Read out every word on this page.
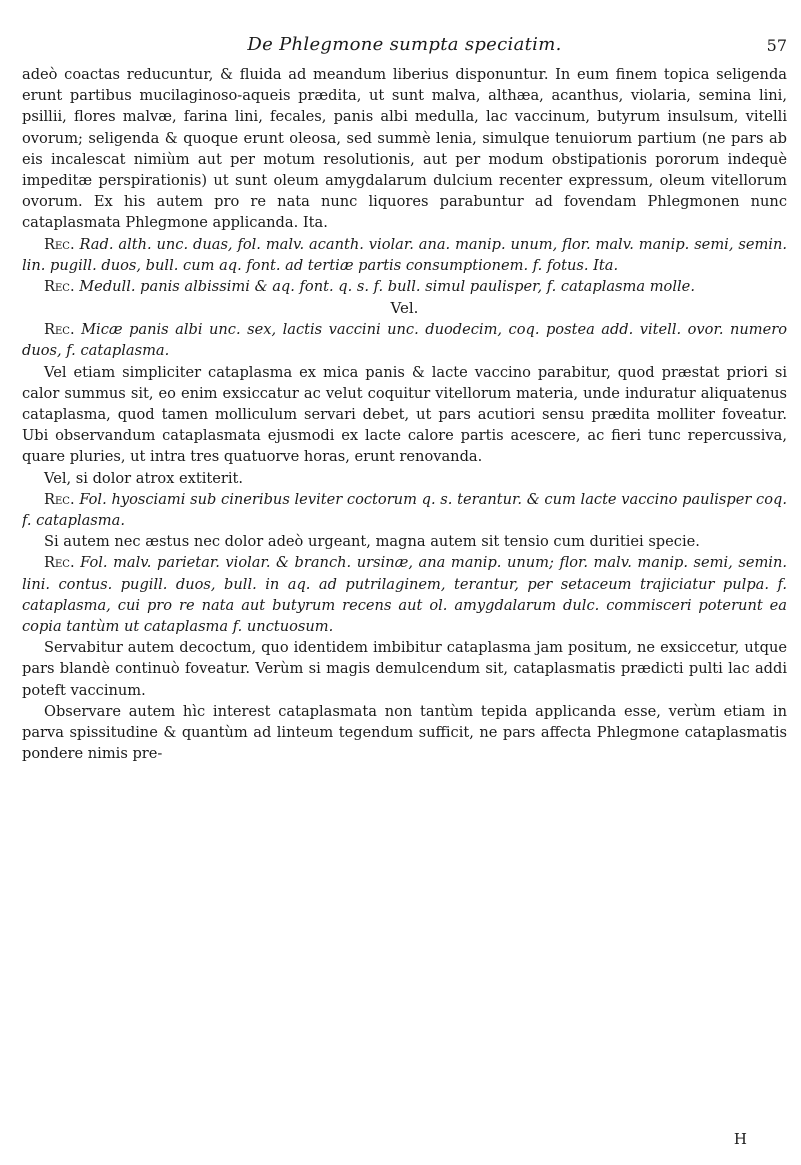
De Phlegmone sumpta speciatim.	57

adeò coactas reducuntur, & fluida ad meandum liberius disponuntur. In eum finem topica seligenda erunt partibus mucilaginoso-aqueis prædita, ut sunt malva, althæa, acanthus, violaria, semina lini, psillii, flores malvæ, farina lini, fecales, panis albi medulla, lac vaccinum, butyrum insulsum, vitelli ovorum; seligenda & quoque erunt oleosa, sed summè lenia, simulque tenuiorum partium (ne pars ab eis incalescat nimiùm aut per motum resolutionis, aut per modum obstipationis pororum indequè impeditæ perspirationis) ut sunt oleum amygdalarum dulcium recenter expressum, oleum vitellorum ovorum. Ex his autem pro re nata nunc liquores parabuntur ad fovendam Phlegmonen nunc cataplasmata Phlegmone applicanda. Ita.

Rec. Rad. alth. unc. duas, fol. malv. acanth. violar. ana. manip. unum, flor. malv. manip. semi, semin. lin. pugill. duos, bull. cum aq. font. ad tertiæ partis consumptionem. f. fotus. Ita.

Rec. Medull. panis albissimi & aq. font. q. s. f. bull. simul paulisper, f. cataplasma molle.

Vel.

Rec. Micæ panis albi unc. sex, lactis vaccini unc. duodecim, coq. postea add. vitell. ovor. numero duos, f. cataplasma.

Vel etiam simpliciter cataplasma ex mica panis & lacte vaccino parabitur, quod præstat priori si calor summus sit, eo enim exsiccatur ac velut coquitur vitellorum materia, unde induratur aliquatenus cataplasma, quod tamen molliculum servari debet, ut pars acutiori sensu prædita molliter foveatur. Ubi observandum cataplasmata ejusmodi ex lacte calore partis acescere, ac fieri tunc repercussiva, quare pluries, ut intra tres quatuorve horas, erunt renovanda.

Vel, si dolor atrox extiterit.

Rec. Fol. hyosciami sub cineribus leviter coctorum q. s. terantur. & cum lacte vaccino paulisper coq. f. cataplasma.

Si autem nec æstus nec dolor adeò urgeant, magna autem sit tensio cum duritiei specie.

Rec. Fol. malv. parietar. violar. & branch. ursinæ, ana manip. unum; flor. malv. manip. semi, semin. lini. contus. pugill. duos, bull. in aq. ad putrilaginem, terantur, per setaceum trajiciatur pulpa. f. cataplasma, cui pro re nata aut butyrum recens aut ol. amygdalarum dulc. commisceri poterunt ea copia tantùm ut cataplasma f. unctuosum.

Servabitur autem decoctum, quo identidem imbibitur cataplasma jam positum, ne exsiccetur, utque pars blandè continuò foveatur. Verùm si magis demulcendum sit, cataplasmatis prædicti pulti lac addi poteft vaccinum.

Observare autem hìc interest cataplasmata non tantùm tepida applicanda esse, verùm etiam in parva spissitudine & quantùm ad linteum tegendum sufficit, ne pars affecta Phlegmone cataplasmatis pondere nimis pre-

H
